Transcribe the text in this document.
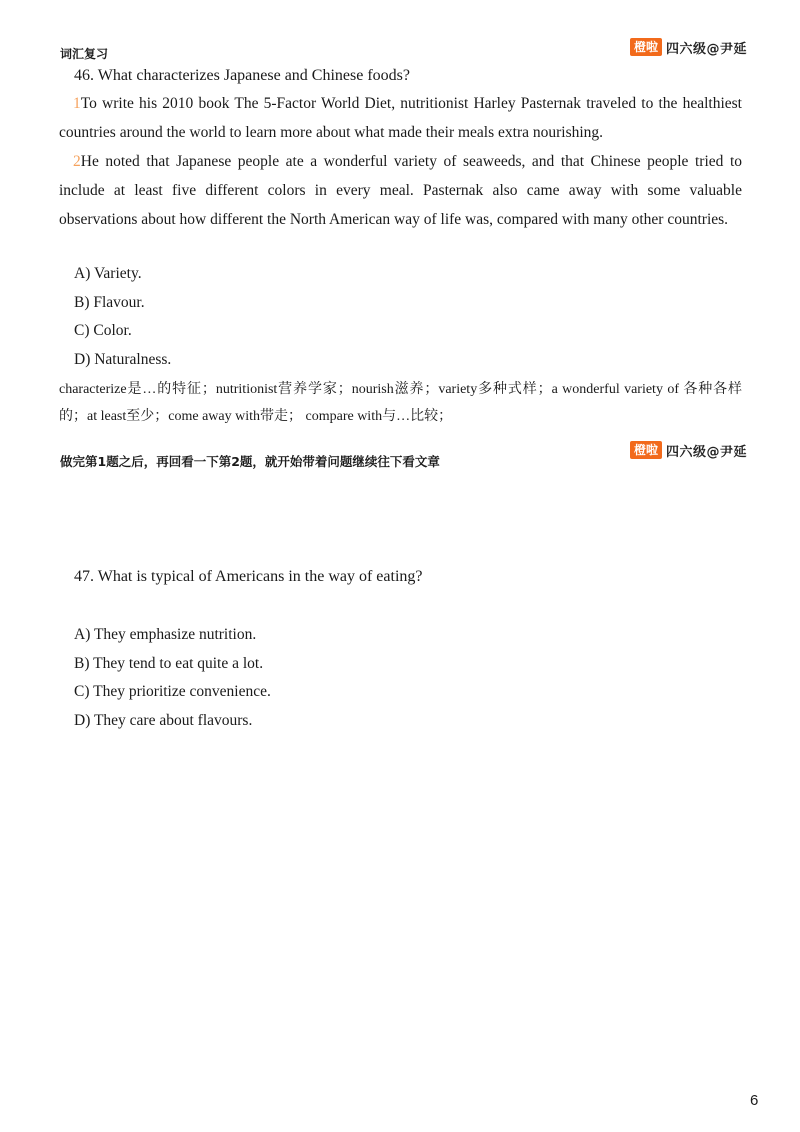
词汇复习	橙啦 四六级@尹延
46. What characterizes Japanese and Chinese foods?
1To write his 2010 book The 5-Factor World Diet, nutritionist Harley Pasternak traveled to the healthiest countries around the world to learn more about what made their meals extra nourishing.
2He noted that Japanese people ate a wonderful variety of seaweeds, and that Chinese people tried to include at least five different colors in every meal. Pasternak also came away with some valuable observations about how different the North American way of life was, compared with many other countries.
A) Variety.
B) Flavour.
C) Color.
D) Naturalness.
characterize是…的特征；nutritionist营养学家；nourish滋养；variety多种式样；a wonderful variety of 各种各样的；at least至少；come away with带走； compare with与…比较；
做完第1题之后，再回看一下第2题，就开始带着问题继续往下看文章
橙啦 四六级@尹延
47. What is typical of Americans in the way of eating?
A) They emphasize nutrition.
B) They tend to eat quite a lot.
C) They prioritize convenience.
D) They care about flavours.
6
